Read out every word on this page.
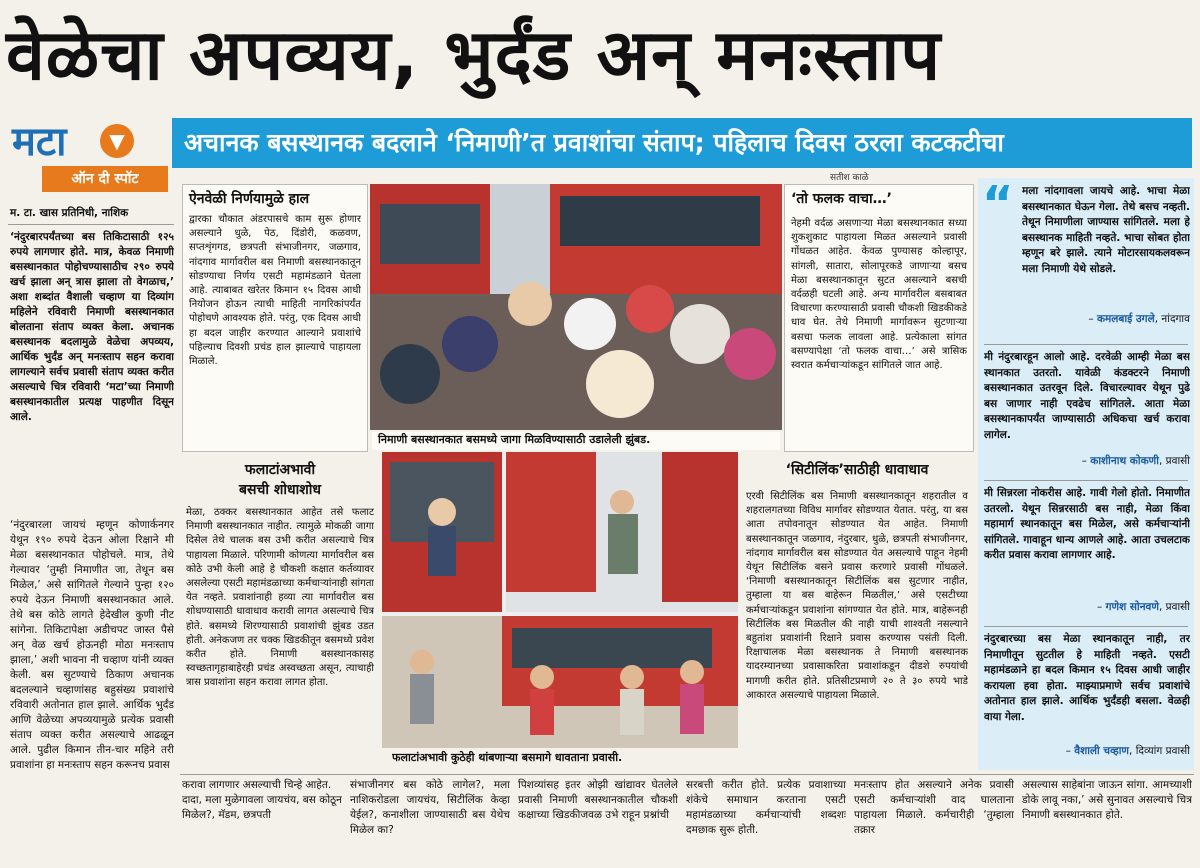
वेळेचा अपव्यय, भुर्दंड अन् मनःस्ताप
मटा	▼
ऑन दी स्पॉट
अचानक बसस्थानक बदलाने ‘निमाणी’त प्रवाशांचा संताप; पहिलाच दिवस ठरला कटकटीचा
म. टा. खास प्रतिनिधी, नाशिक
‘नंदुरबारपर्यंतच्या बस तिकिटासाठी १२५ रुपये लागणार होते. मात्र, केवळ निमाणी बसस्थानकात पोहोचण्यासाठीच २९० रुपये खर्च झाला अन् त्रास झाला तो वेगळाच,’ अशा शब्दांत वैशाली चव्हाण या दिव्यांग महिलेने रविवारी निमाणी बसस्थानकात बोलताना संताप व्यक्त केला. अचानक बसस्थानक बदलामुळे वेळेचा अपव्यय, आर्थिक भुर्दंड अन् मनःस्ताप सहन करावा लागल्याने सर्वच प्रवासी संताप व्यक्त करीत असल्याचे चित्र रविवारी ‘मटा’च्या निमाणी बसस्थानकातील प्रत्यक्ष पाहणीत दिसून आले.
‘नंदुरबारला जायचं म्हणून कोणार्कनगर येथून १९० रुपये देऊन ओला रिक्षाने मी मेळा बसस्थानकात पोहोचले. मात्र, तेथे गेल्यावर ‘तुम्ही निमाणीत जा, तेथून बस मिळेल,’ असे सांगितले गेल्याने पुन्हा १२० रुपये देऊन निमाणी बसस्थानकात आले. तेथे बस कोठे लागते हेदेखील कुणी नीट सांगेना. तिकिटापेक्षा अडीचपट जास्त पैसे अन् वेळ खर्च होऊनही मोठा मनःस्ताप झाला,’ अशी भावना नी चव्हाण यांनी व्यक्त केली. बस सुटण्याचे ठिकाण अचानक बदलल्याने चव्हाणांसह बहुसंख्य प्रवाशांचे रविवारी अतोनात हाल झाले. आर्थिक भुर्दंड आणि वेळेच्या अपव्ययामुळे प्रत्येक प्रवासी संताप व्यक्त करीत असल्याचे आढळून आले. पुढील किमान तीन-चार महिने तरी प्रवाशांना हा मनःस्ताप सहन करूनच प्रवास
ऐनवेळी निर्णयामुळे हाल
द्वारका चौकात अंडरपासचे काम सुरू होणार असल्याने धुळे, पेठ, दिंडोरी, कळवण, सप्तशृंगगड, छत्रपती संभाजीनगर, जळगाव, नांदगाव मार्गावरील बस निमाणी बसस्थानकातून सोडण्याचा निर्णय एसटी महामंडळाने घेतला आहे. त्याबाबत खरेतर किमान १५ दिवस आधी नियोजन होऊन त्याची माहिती नागरिकांपर्यंत पोहोचणे आवश्यक होते. परंतु, एक दिवस आधी हा बदल जाहीर करण्यात आल्याने प्रवाशांचे पहिल्याच दिवशी प्रचंड हाल झाल्याचे पाहायला मिळाले.
सतीश काळे
निमाणी बसस्थानकात बसमध्ये जागा मिळविण्यासाठी उडालेली झुंबड.
‘तो फलक वाचा…’
नेहमी वर्दळ असणाऱ्या मेळा बसस्थानकात सध्या शुकशुकाट पाहायला मिळत असल्याने प्रवासी गोंधळत आहेत. केवळ पुण्यासह कोल्हापूर, सांगली, सातारा, सोलापूरकडे जाणाऱ्या बसच मेळा बसस्थानकातून सुटत असल्याने बसची वर्दळही घटली आहे. अन्य मार्गावरील बसबाबत विचारणा करण्यासाठी प्रवासी चौकशी खिडकीकडे धाव घेत. तेथे निमाणी मार्गावरून सुटणाऱ्या बसचा फलक लावला आहे. प्रत्येकाला सांगत बसण्यापेक्षा ‘तो फलक वाचा…’ असे त्रासिक स्वरात कर्मचाऱ्यांकडून सांगितले जात आहे.
फलाटांअभावी
बसची शोधाशोध
मेळा, ठक्कर बसस्थानकात आहेत तसे फलाट निमाणी बसस्थानकात नाहीत. त्यामुळे मोकळी जागा दिसेल तेथे चालक बस उभी करीत असल्याचे चित्र पाहायला मिळाले. परिणामी कोणत्या मार्गावरील बस कोठे उभी केली आहे हे चौकशी कक्षात कर्तव्यावर असलेल्या एसटी महामंडळाच्या कर्मचाऱ्यांनाही सांगता येत नव्हते. प्रवाशांनाही हव्या त्या मार्गावरील बस शोधण्यासाठी धावाधाव करावी लागत असल्याचे चित्र होते. बसमध्ये शिरण्यासाठी प्रवाशांची झुंबड उडत होती. अनेकजण तर चक्क खिडकीतून बसमध्ये प्रवेश करीत होते. निमाणी बसस्थानकासह स्वच्छतागृहाबाहेरही प्रचंड अस्वच्छता असून, त्याचाही त्रास प्रवाशांना सहन करावा लागत होता.
फलाटांअभावी कुठेही थांबणाऱ्या बसमागे धावताना प्रवासी.
‘सिटीलिंक’साठीही धावाधाव
एरवी सिटीलिंक बस निमाणी बसस्थानकातून शहरातील व शहरालगतच्या विविध मार्गावर सोडण्यात येतात. परंतु, या बस आता तपोवनातून सोडण्यात येत आहेत. निमाणी बसस्थानकातून जळगाव, नंदुरबार, धुळे, छत्रपती संभाजीनगर, नांदगाव मार्गावरील बस सोडण्यात येत असल्याचे पाहून नेहमी येथून सिटीलिंक बसने प्रवास करणारे प्रवासी गोंधळले. ‘निमाणी बसस्थानकातून सिटीलिंक बस सुटणार नाहीत, तुम्हाला या बस बाहेरून मिळतील,’ असे एसटीच्या कर्मचाऱ्यांकडून प्रवाशांना सांगण्यात येत होते. मात्र, बाहेरूनही सिटीलिंक बस मिळतील की नाही याची शाश्वती नसल्याने बहुतांश प्रवाशांनी रिक्षाने प्रवास करण्यास पसंती दिली. रिक्षाचालक मेळा बसस्थानक ते निमाणी बसस्थानक यादरम्यानच्या प्रवासाकरिता प्रवाशांकडून दीडशे रुपयांची मागणी करीत होते. प्रतिसीटप्रमाणे २० ते ३० रुपये भाडे आकारत असल्याचे पाहायला मिळाले.
“ मला नांदगावला जायचे आहे. भाचा मेळा बसस्थानकात घेऊन गेला. तेथे बसच नव्हती. तेथून निमाणीला जाण्यास सांगितले. मला हे बसस्थानक माहिती नव्हते. भाचा सोबत होता म्हणून बरे झाले. त्याने मोटारसायकलवरून मला निमाणी येथे सोडले.
– कमलबाई उगले, नांदगाव
मी नंदुरबारहून आलो आहे. दरवेळी आम्ही मेळा बस स्थानकात उतरतो. यावेळी कंडक्टरने निमाणी बसस्थानकात उतरवून दिले. विचारल्यावर येथून पुढे बस जाणार नाही एवढेच सांगितले. आता मेळा बसस्थानकापर्यंत जाण्यासाठी अधिकचा खर्च करावा लागेल.
– काशीनाथ कोकणी, प्रवासी
मी सिन्नरला नोकरीस आहे. गावी गेलो होतो. निमाणीत उतरलो. येथून सिन्नरसाठी बस नाही, मेळा किंवा महामार्ग स्थानकातून बस मिळेल, असे कर्मचाऱ्यांनी सांगितले. गावाहून धान्य आणले आहे. आता उचलटाक करीत प्रवास करावा लागणार आहे.
– गणेश सोनवणे, प्रवासी
नंदुरबारच्या बस मेळा स्थानकातून नाही, तर निमाणीतून सुटतील हे माहिती नव्हते. एसटी महामंडळाने हा बदल किमान १५ दिवस आधी जाहीर करायला हवा होता. माझ्याप्रमाणे सर्वच प्रवाशांचे अतोनात हाल झाले. आर्थिक भुर्दंडही बसला. वेळही वाया गेला.
– वैशाली चव्हाण, दिव्यांग प्रवासी
करावा लागणार असल्याची चिन्हे आहेत.
दादा, मला मुळेगावला जायचंय, बस कोठून मिळेल?, मॅडम, छत्रपती
संभाजीनगर बस कोठे लागेल?, मला नाशिकरोडला जायचंय, सिटीलिंक केव्हा येईल?, कनाशीला जाण्यासाठी बस येथेच मिळेल का?
पिशव्यांसह इतर ओझी खांद्यावर घेतलेले प्रवासी निमाणी बसस्थानकातील चौकशी कक्षाच्या खिडकीजवळ उभे राहून प्रश्नांची
सरबत्ती करीत होते. प्रत्येक प्रवाशाच्या शंकेचे समाधान करताना एसटी महामंडळाच्या कर्मचाऱ्यांची शब्दशः दमछाक सुरू होती.
मनःस्ताप होत असल्याने अनेक प्रवासी एसटी कर्मचाऱ्यांशी वाद घालताना पाहायला मिळाले. कर्मचारीही ‘तुम्हाला तक्रार
असल्यास साहेबांना जाऊन सांगा. आमच्याशी डोके लावू नका,’ असे सुनावत असल्याचे चित्र निमाणी बसस्थानकात होते.
